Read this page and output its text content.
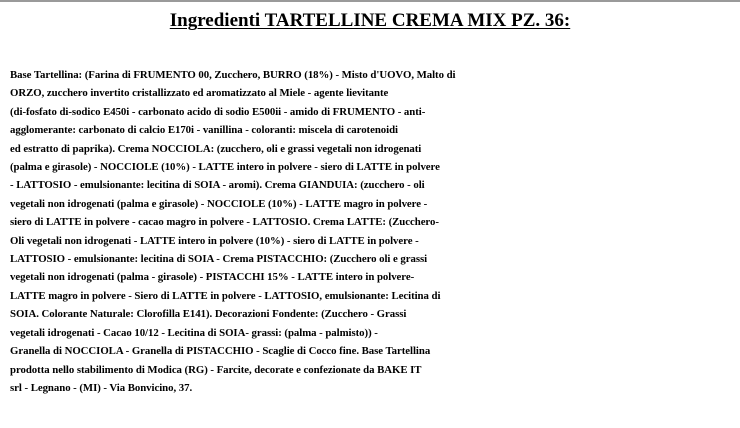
Ingredienti TARTELLINE CREMA MIX PZ. 36:
Base Tartellina: (Farina di FRUMENTO 00, Zucchero, BURRO (18%) - Misto d'UOVO, Malto di
ORZO, zucchero invertito cristallizzato ed aromatizzato al Miele - agente lievitante
(di-fosfato di-sodico E450i - carbonato acido di sodio E500ii - amido di FRUMENTO - anti-
agglomerante: carbonato di calcio E170i - vanillina - coloranti: miscela di carotenoidi
ed estratto di paprika). Crema NOCCIOLA: (zucchero, oli e grassi vegetali non idrogenati
(palma e girasole) - NOCCIOLE (10%) - LATTE intero in polvere - siero di LATTE in polvere
- LATTOSIO - emulsionante: lecitina di SOIA - aromi). Crema GIANDUIA: (zucchero - oli
vegetali non idrogenati (palma e girasole) - NOCCIOLE (10%) - LATTE magro in polvere -
siero di LATTE in polvere - cacao magro in polvere - LATTOSIO. Crema LATTE: (Zucchero-
Oli vegetali non idrogenati - LATTE intero in polvere (10%) - siero di LATTE in polvere -
LATTOSIO - emulsionante: lecitina di SOIA - Crema PISTACCHIO: (Zucchero oli e grassi
vegetali non idrogenati (palma - girasole) - PISTACCHI 15% - LATTE intero in polvere-
LATTE magro in polvere - Siero di LATTE in polvere - LATTOSIO, emulsionante: Lecitina di
SOIA. Colorante Naturale: Clorofilla E141). Decorazioni Fondente: (Zucchero - Grassi
vegetali idrogenati - Cacao 10/12 - Lecitina di SOIA- grassi: (palma - palmisto)) -
Granella di NOCCIOLA - Granella di PISTACCHIO - Scaglie di Cocco fine. Base Tartellina
prodotta nello stabilimento di Modica (RG) - Farcite, decorate e confezionate da BAKE IT
srl - Legnano - (MI) - Via Bonvicino, 37.
